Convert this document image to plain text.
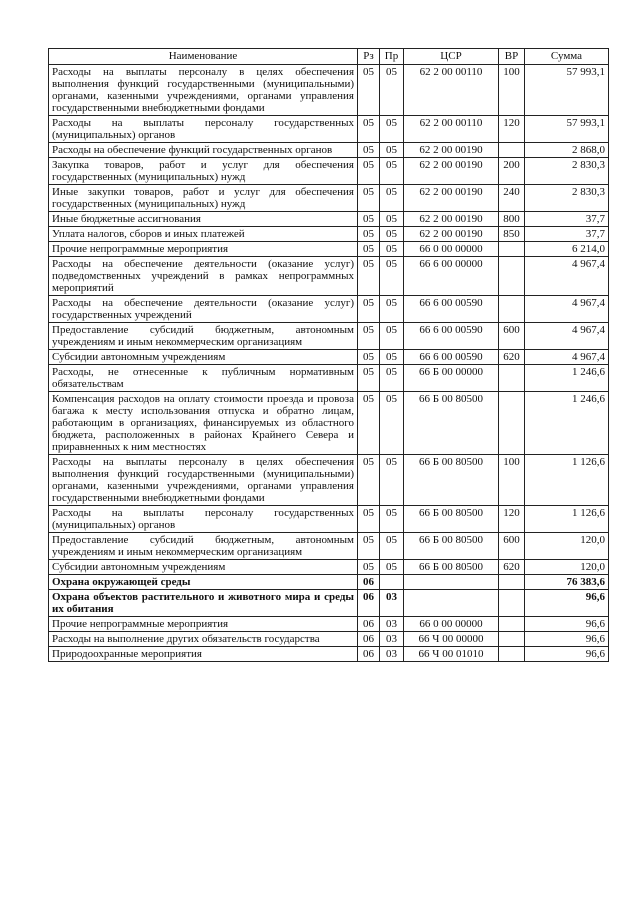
Наименование	Рз	Пр	ЦСР	ВР	Сумма
Расходы на выплаты персоналу в целях обеспечения выполнения функций государственными (муниципальными) органами, казенными учреждениями, органами управления государственными внебюджетными фондами	05	05	62 2 00 00110	100	57 993,1
Расходы на выплаты персоналу государственных (муниципальных) органов	05	05	62 2 00 00110	120	57 993,1
Расходы на обеспечение функций государственных органов	05	05	62 2 00 00190		2 868,0
Закупка товаров, работ и услуг для обеспечения государственных (муниципальных) нужд	05	05	62 2 00 00190	200	2 830,3
Иные закупки товаров, работ и услуг для обеспечения государственных (муниципальных) нужд	05	05	62 2 00 00190	240	2 830,3
Иные бюджетные ассигнования	05	05	62 2 00 00190	800	37,7
Уплата налогов, сборов и иных платежей	05	05	62 2 00 00190	850	37,7
Прочие непрограммные мероприятия	05	05	66 0 00 00000		6 214,0
Расходы на обеспечение деятельности (оказание услуг) подведомственных учреждений в рамках непрограммных мероприятий	05	05	66 6 00 00000		4 967,4
Расходы на обеспечение деятельности (оказание услуг) государственных учреждений	05	05	66 6 00 00590		4 967,4
Предоставление субсидий бюджетным, автономным учреждениям и иным некоммерческим организациям	05	05	66 6 00 00590	600	4 967,4
Субсидии автономным учреждениям	05	05	66 6 00 00590	620	4 967,4
Расходы, не отнесенные к публичным нормативным обязательствам	05	05	66 Б 00 00000		1 246,6
Компенсация расходов на оплату стоимости проезда и провоза багажа к месту использования отпуска и обратно лицам, работающим в организациях, финансируемых из областного бюджета, расположенных в районах Крайнего Севера и приравненных к ним местностях	05	05	66 Б 00 80500		1 246,6
Расходы на выплаты персоналу в целях обеспечения выполнения функций государственными (муниципальными) органами, казенными учреждениями, органами управления государственными внебюджетными фондами	05	05	66 Б 00 80500	100	1 126,6
Расходы на выплаты персоналу государственных (муниципальных) органов	05	05	66 Б 00 80500	120	1 126,6
Предоставление субсидий бюджетным, автономным учреждениям и иным некоммерческим организациям	05	05	66 Б 00 80500	600	120,0
Субсидии автономным учреждениям	05	05	66 Б 00 80500	620	120,0
Охрана окружающей среды	06				76 383,6
Охрана объектов растительного и животного мира и среды их обитания	06	03			96,6
Прочие непрограммные мероприятия	06	03	66 0 00 00000		96,6
Расходы на выполнение других обязательств государства	06	03	66 Ч 00 00000		96,6
Природоохранные мероприятия	06	03	66 Ч 00 01010		96,6
